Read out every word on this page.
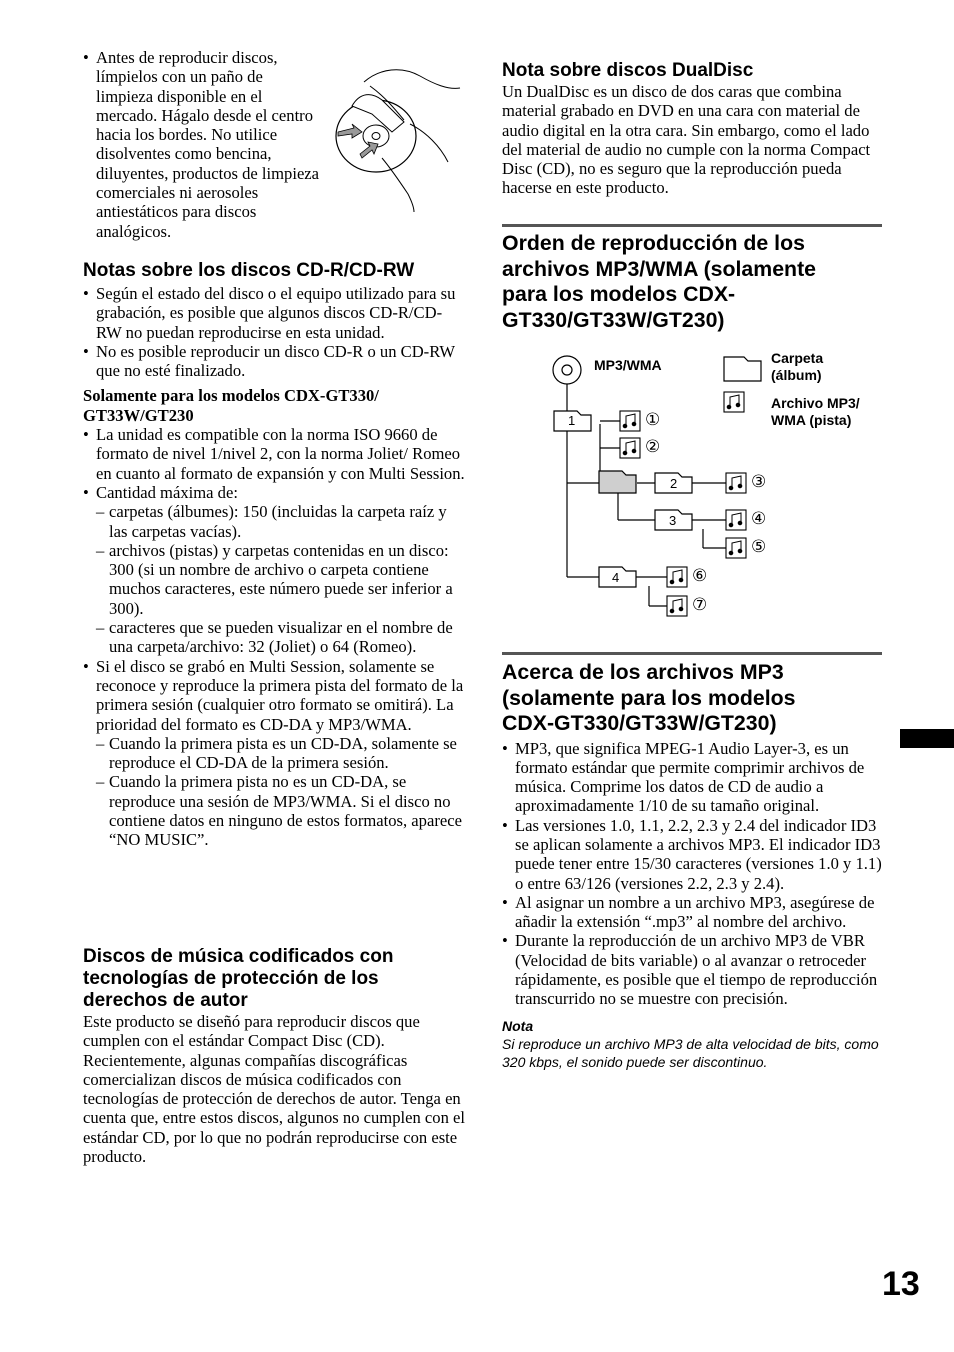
• Antes de reproducir discos, límpielos con un paño de limpieza disponible en el mercado. Hágalo desde el centro hacia los bordes. No utilice disolventes como bencina, diluyentes, productos de limpieza comerciales ni aerosoles antiestáticos para discos analógicos.
Notas sobre los discos CD-R/CD-RW
• Según el estado del disco o el equipo utilizado para su grabación, es posible que algunos discos CD-R/CD-RW no puedan reproducirse en esta unidad.
• No es posible reproducir un disco CD-R o un CD-RW que no esté finalizado.
Solamente para los modelos CDX-GT330/ GT33W/GT230
• La unidad es compatible con la norma ISO 9660 de formato de nivel 1/nivel 2, con la norma Joliet/ Romeo en cuanto al formato de expansión y con Multi Session.
• Cantidad máxima de:
– carpetas (álbumes): 150 (incluidas la carpeta raíz y las carpetas vacías).
– archivos (pistas) y carpetas contenidas en un disco: 300 (si un nombre de archivo o carpeta contiene muchos caracteres, este número puede ser inferior a 300).
– caracteres que se pueden visualizar en el nombre de una carpeta/archivo: 32 (Joliet) o 64 (Romeo).
• Si el disco se grabó en Multi Session, solamente se reconoce y reproduce la primera pista del formato de la primera sesión (cualquier otro formato se omitirá). La prioridad del formato es CD-DA y MP3/WMA.
– Cuando la primera pista es un CD-DA, solamente se reproduce el CD-DA de la primera sesión.
– Cuando la primera pista no es un CD-DA, se reproduce una sesión de MP3/WMA. Si el disco no contiene datos en ninguno de estos formatos, aparece “NO MUSIC”.
Discos de música codificados con tecnologías de protección de los derechos de autor

Este producto se diseñó para reproducir discos que cumplen con el estándar Compact Disc (CD). Recientemente, algunas compañías discográficas comercializan discos de música codificados con tecnologías de protección de derechos de autor. Tenga en cuenta que, entre estos discos, algunos no cumplen con el estándar CD, por lo que no podrán reproducirse con este producto.

Nota sobre discos DualDisc

Un DualDisc es un disco de dos caras que combina material grabado en DVD en una cara con material de audio digital en la otra cara. Sin embargo, como el lado del material de audio no cumple con la norma Compact Disc (CD), no es seguro que la reproducción pueda hacerse en este producto.

Orden de reproducción de los archivos MP3/WMA (solamente para los modelos CDX-GT330/GT33W/GT230)
MP3/WMA	Carpeta (álbum)
Archivo MP3/ WMA (pista)
1
2
3
4
①
②
③
④
⑤
⑥
⑦
Acerca de los archivos MP3 (solamente para los modelos CDX-GT330/GT33W/GT230)
• MP3, que significa MPEG-1 Audio Layer-3, es un formato estándar que permite comprimir archivos de música. Comprime los datos de CD de audio a aproximadamente 1/10 de su tamaño original.
• Las versiones 1.0, 1.1, 2.2, 2.3 y 2.4 del indicador ID3 se aplican solamente a archivos MP3. El indicador ID3 puede tener entre 15/30 caracteres (versiones 1.0 y 1.1) o entre 63/126 (versiones 2.2, 2.3 y 2.4).
• Al asignar un nombre a un archivo MP3, asegúrese de añadir la extensión “.mp3” al nombre del archivo.
• Durante la reproducción de un archivo MP3 de VBR (Velocidad de bits variable) o al avanzar o retroceder rápidamente, es posible que el tiempo de reproducción transcurrido no se muestre con precisión.
Nota
Si reproduce un archivo MP3 de alta velocidad de bits, como 320 kbps, el sonido puede ser discontinuo.
13
